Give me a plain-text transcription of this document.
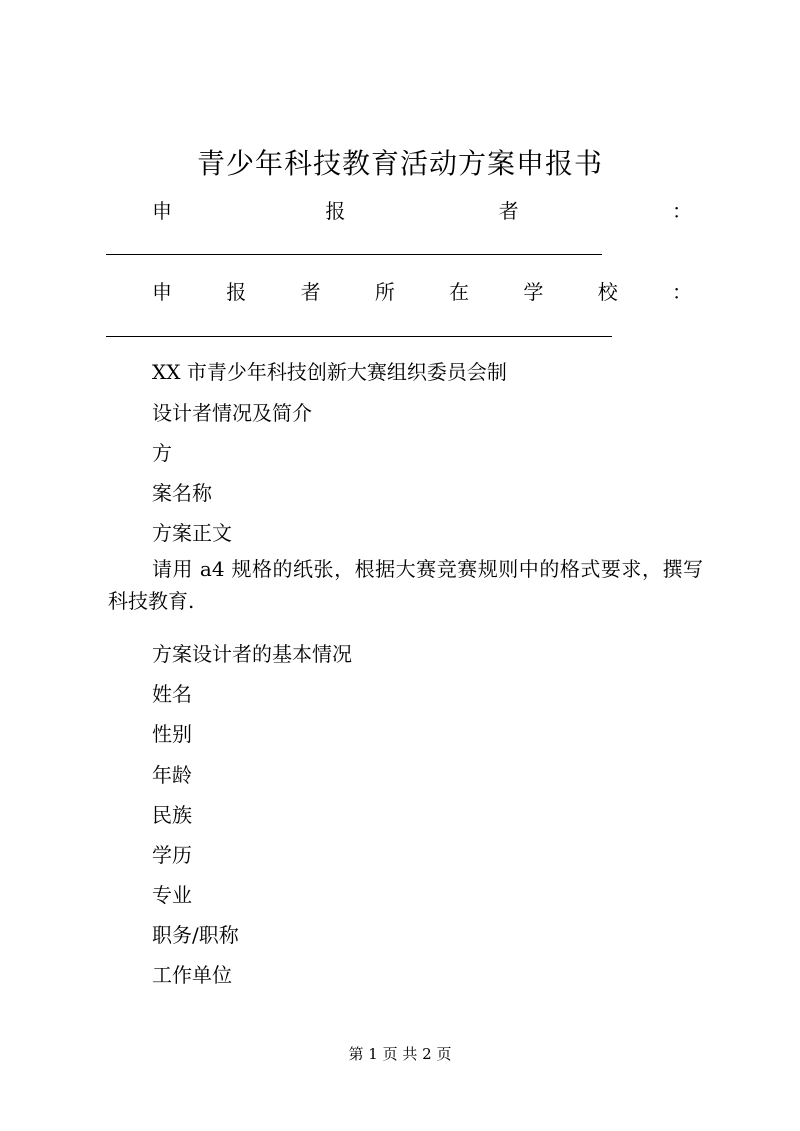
青少年科技教育活动方案申报书
申	报	者	：
申	报	者	所	在	学	校	：
XX 市青少年科技创新大赛组织委员会制
设计者情况及简介
方
案名称
方案正文
请用 a4 规格的纸张，根据大赛竞赛规则中的格式要求，撰写科技教育.
方案设计者的基本情况
姓名
性别
年龄
民族
学历
专业
职务/职称
工作单位
第 1 页 共 2 页
